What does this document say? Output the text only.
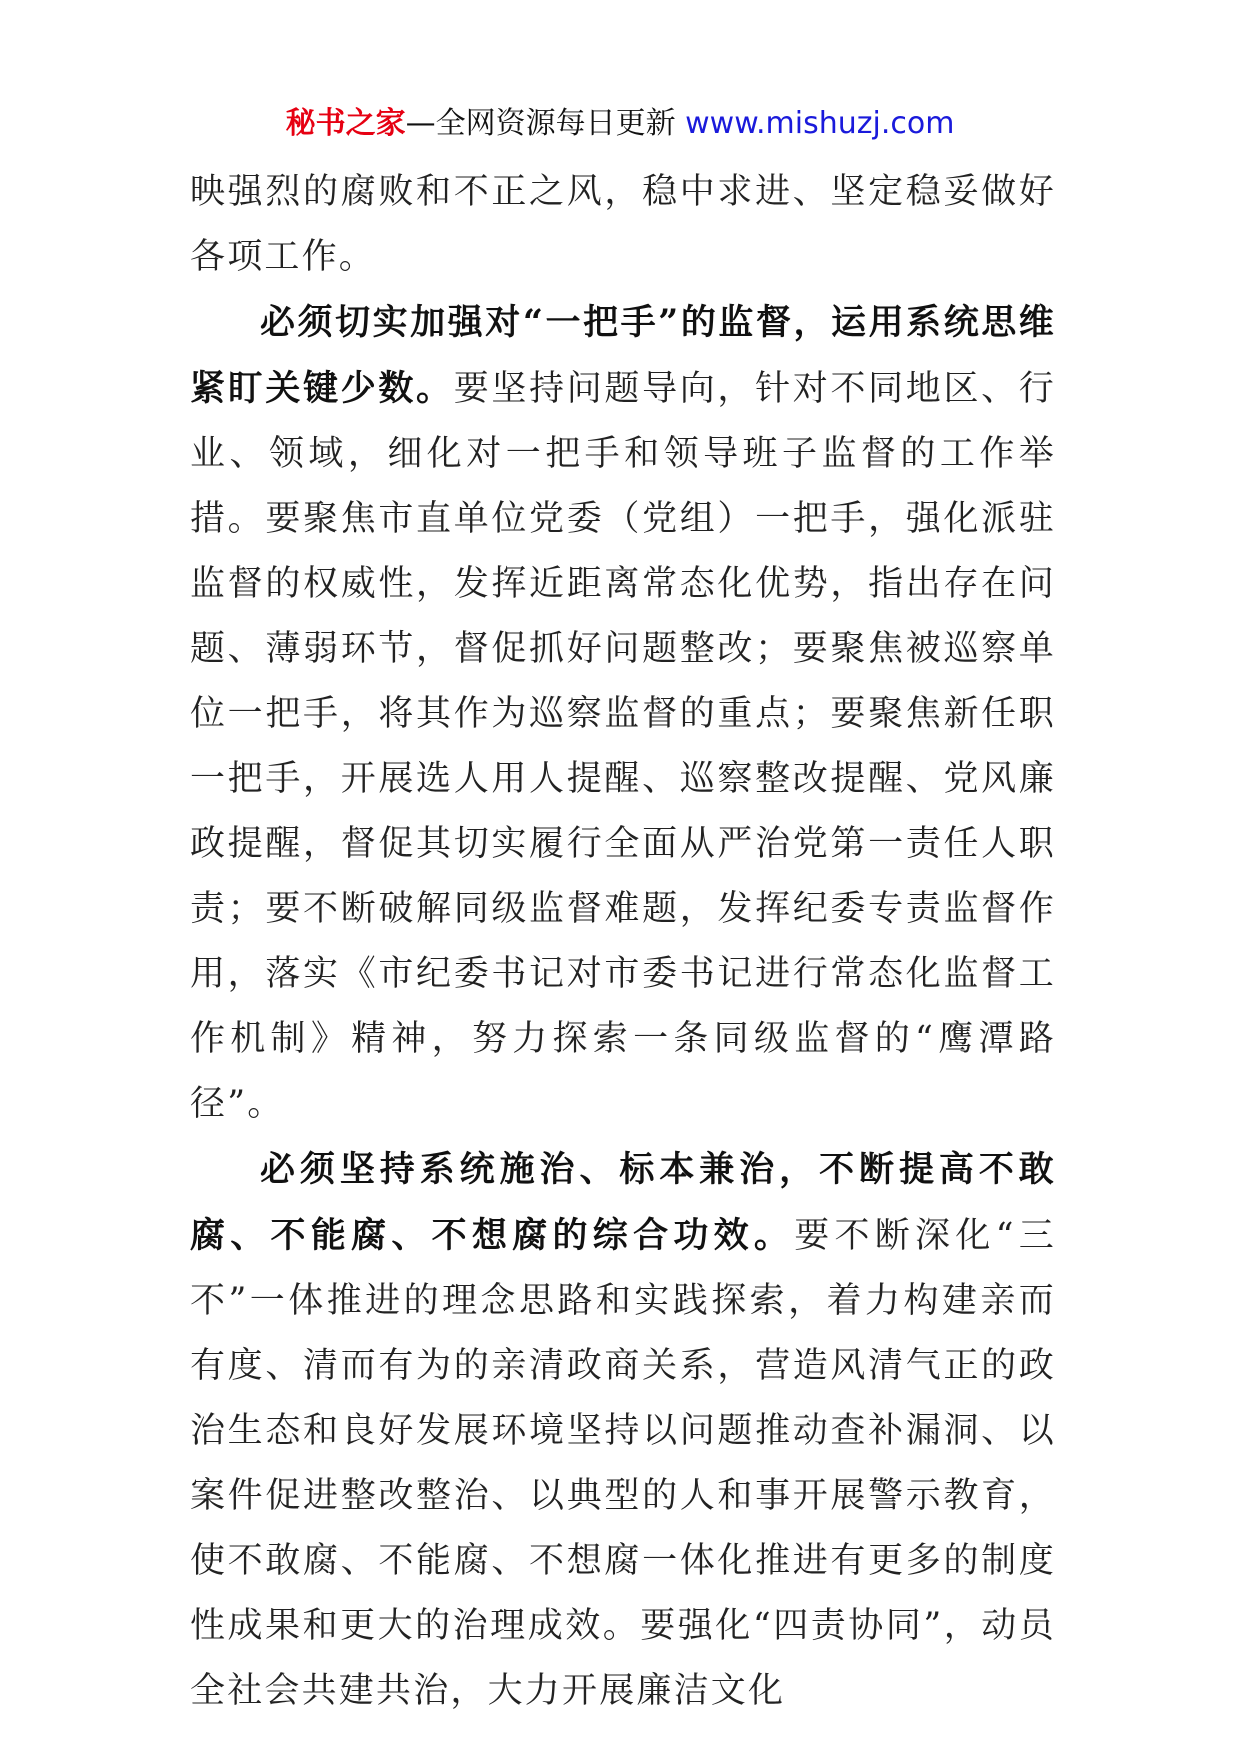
秘书之家—全网资源每日更新 www.mishuzj.com

映强烈的腐败和不正之风，稳中求进、坚定稳妥做好各项工作。

必须切实加强对“一把手”的监督，运用系统思维紧盯关键少数。要坚持问题导向，针对不同地区、行业、领域，细化对一把手和领导班子监督的工作举措。要聚焦市直单位党委（党组）一把手，强化派驻监督的权威性，发挥近距离常态化优势，指出存在问题、薄弱环节，督促抓好问题整改；要聚焦被巡察单位一把手，将其作为巡察监督的重点；要聚焦新任职一把手，开展选人用人提醒、巡察整改提醒、党风廉政提醒，督促其切实履行全面从严治党第一责任人职责；要不断破解同级监督难题，发挥纪委专责监督作用，落实《市纪委书记对市委书记进行常态化监督工作机制》精神，努力探索一条同级监督的“鹰潭路径”。

必须坚持系统施治、标本兼治，不断提高不敢腐、不能腐、不想腐的综合功效。要不断深化“三不”一体推进的理念思路和实践探索，着力构建亲而有度、清而有为的亲清政商关系，营造风清气正的政治生态和良好发展环境坚持以问题推动查补漏洞、以案件促进整改整治、以典型的人和事开展警示教育，使不敢腐、不能腐、不想腐一体化推进有更多的制度性成果和更大的治理成效。要强化“四责协同”，动员全社会共建共治，大力开展廉洁文化
